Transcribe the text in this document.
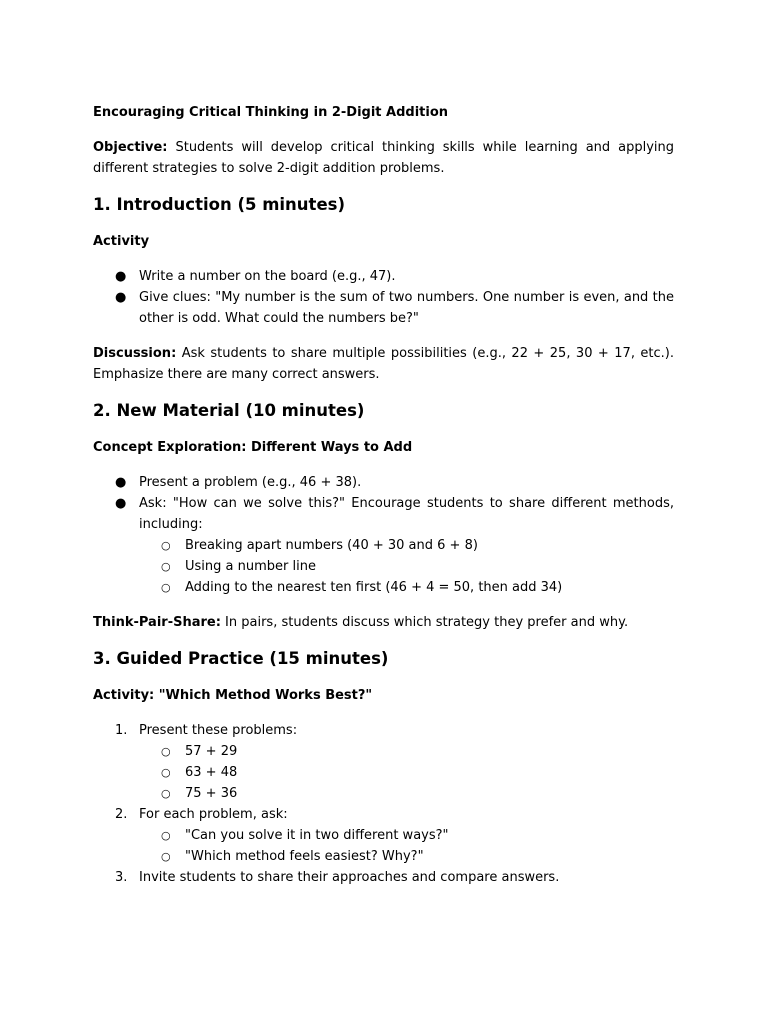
Encouraging Critical Thinking in 2-Digit Addition

Objective: Students will develop critical thinking skills while learning and applying different strategies to solve 2-digit addition problems.

1. Introduction (5 minutes)
Activity
● Write a number on the board (e.g., 47).
● Give clues: "My number is the sum of two numbers. One number is even, and the other is odd. What could the numbers be?"

Discussion: Ask students to share multiple possibilities (e.g., 22 + 25, 30 + 17, etc.). Emphasize there are many correct answers.

2. New Material (10 minutes)
Concept Exploration: Different Ways to Add
● Present a problem (e.g., 46 + 38).
● Ask: "How can we solve this?" Encourage students to share different methods, including:
○ Breaking apart numbers (40 + 30 and 6 + 8)
○ Using a number line
○ Adding to the nearest ten first (46 + 4 = 50, then add 34)

Think-Pair-Share: In pairs, students discuss which strategy they prefer and why.

3. Guided Practice (15 minutes)
Activity: "Which Method Works Best?"
1. Present these problems:
○ 57 + 29
○ 63 + 48
○ 75 + 36
2. For each problem, ask:
○ "Can you solve it in two different ways?"
○ "Which method feels easiest? Why?"
3. Invite students to share their approaches and compare answers.
